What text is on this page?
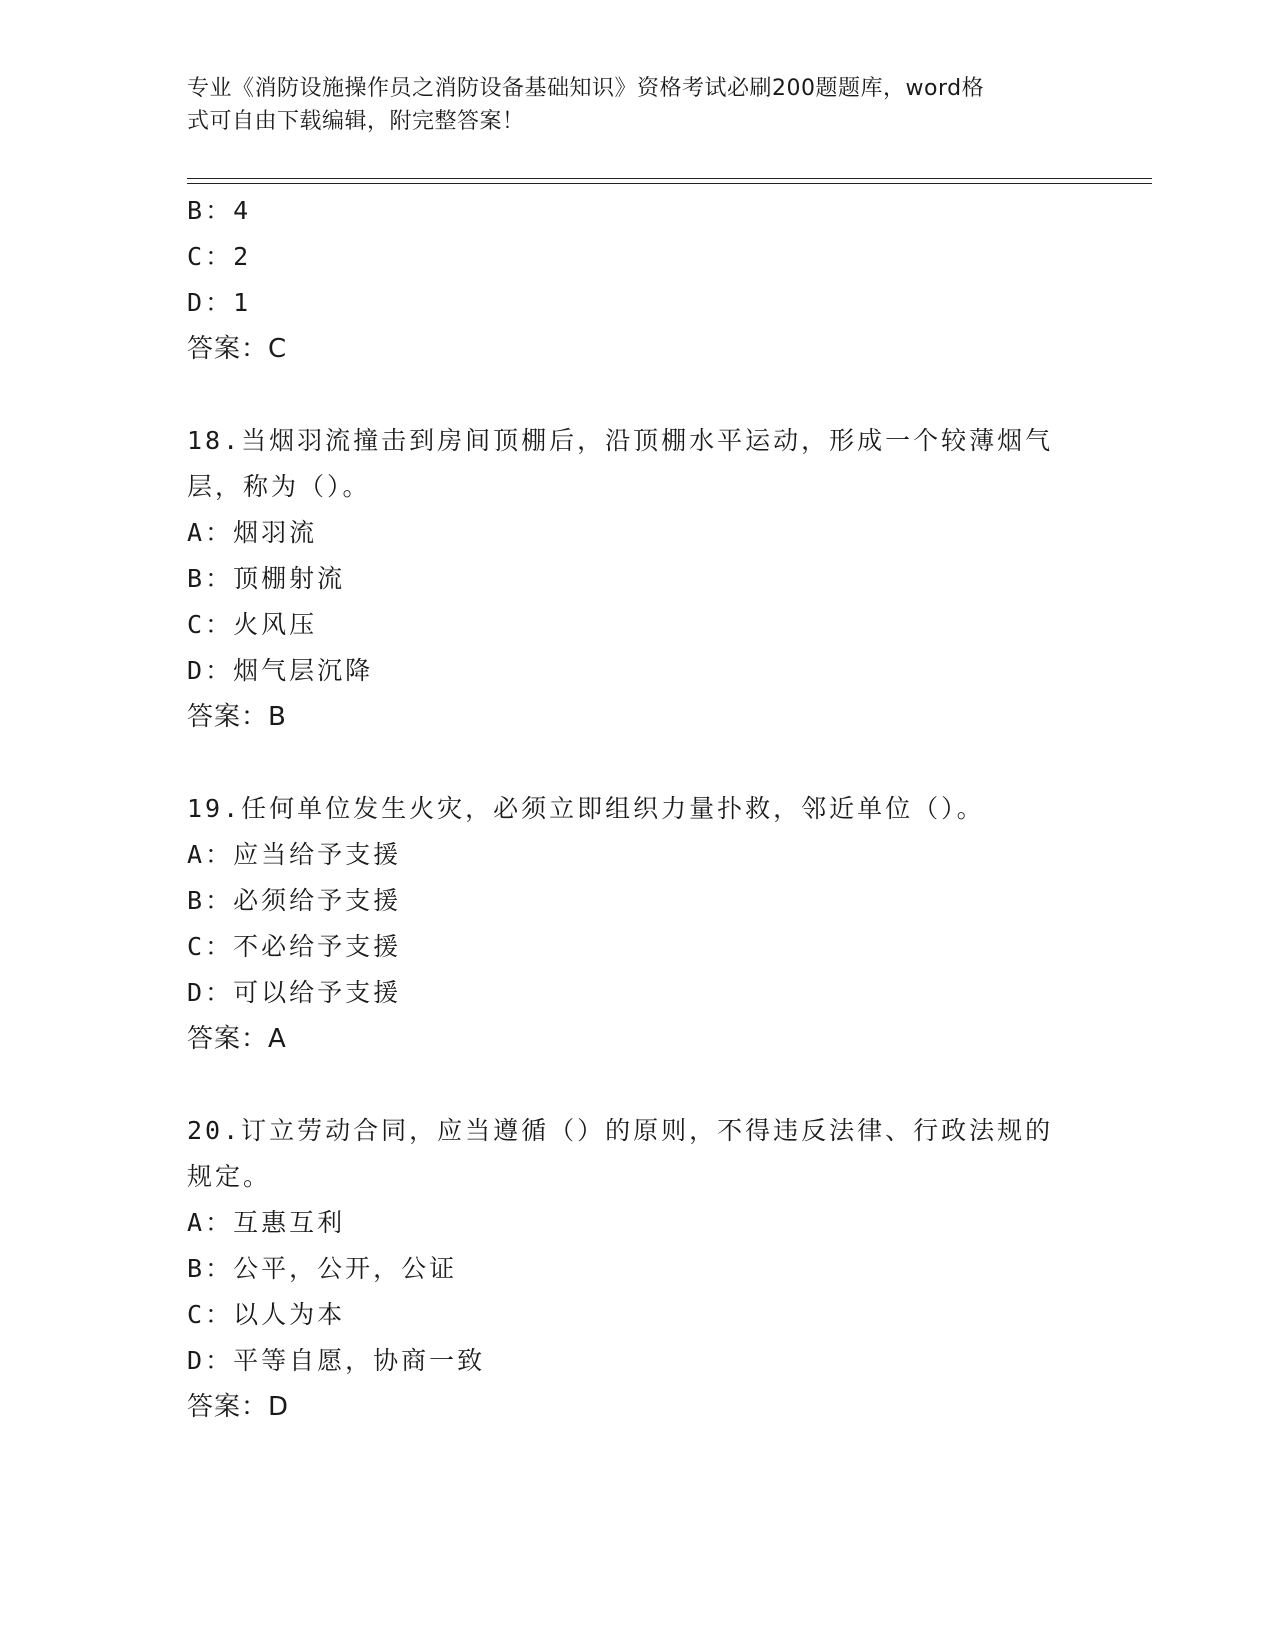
专业《消防设施操作员之消防设备基础知识》资格考试必刷200题题库，word格
式可自由下载编辑，附完整答案！
B：4
C：2
D：1
答案：C
18.当烟羽流撞击到房间顶棚后，沿顶棚水平运动，形成一个较薄烟气
层，称为（）。
A：烟羽流
B：顶棚射流
C：火风压
D：烟气层沉降
答案：B
19.任何单位发生火灾，必须立即组织力量扑救，邻近单位（）。
A：应当给予支援
B：必须给予支援
C：不必给予支援
D：可以给予支援
答案：A
20.订立劳动合同，应当遵循（）的原则，不得违反法律、行政法规的
规定。
A：互惠互利
B：公平，公开，公证
C：以人为本
D：平等自愿，协商一致
答案：D
